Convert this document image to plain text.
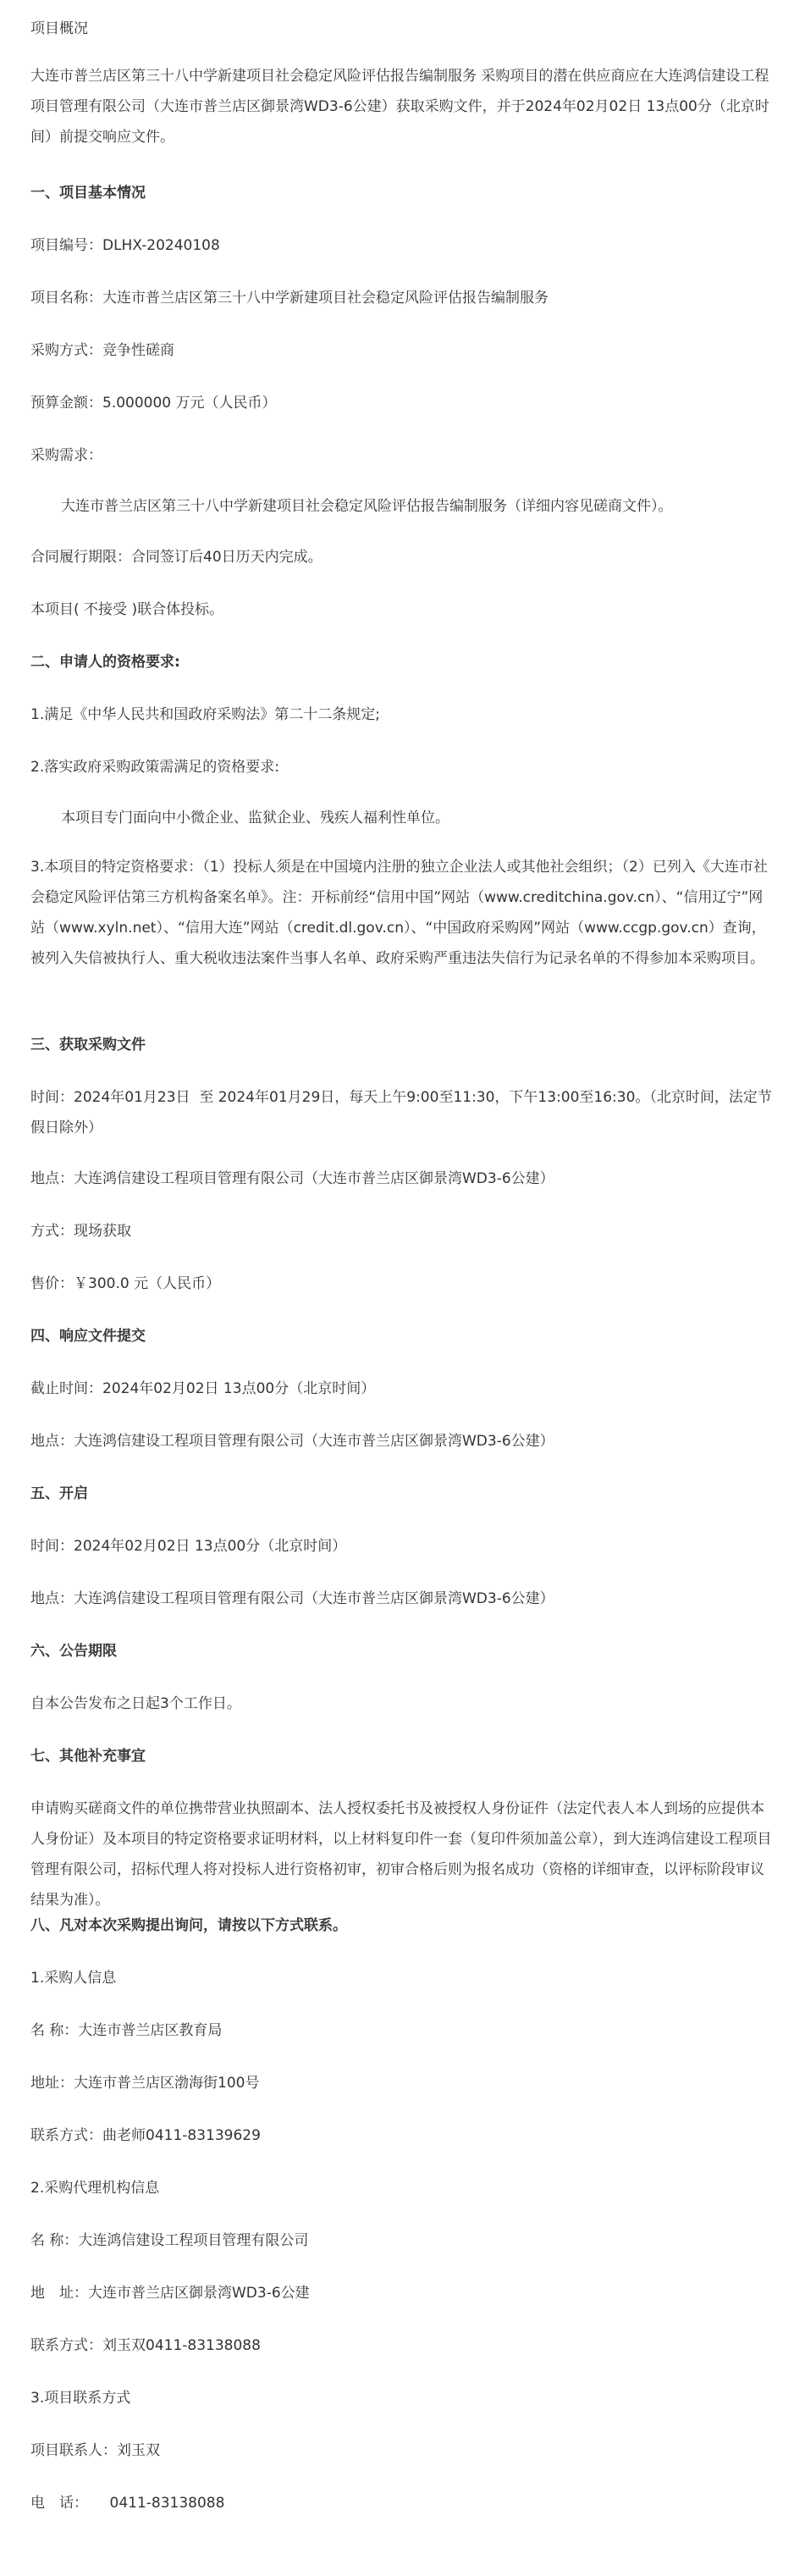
项目概况

大连市普兰店区第三十八中学新建项目社会稳定风险评估报告编制服务 采购项目的潜在供应商应在大连鸿信建设工程项目管理有限公司（大连市普兰店区御景湾WD3-6公建）获取采购文件，并于2024年02月02日 13点00分（北京时间）前提交响应文件。

一、项目基本情况

项目编号：DLHX-20240108

项目名称：大连市普兰店区第三十八中学新建项目社会稳定风险评估报告编制服务

采购方式：竞争性磋商

预算金额：5.000000 万元（人民币）

采购需求：

大连市普兰店区第三十八中学新建项目社会稳定风险评估报告编制服务（详细内容见磋商文件）。

合同履行期限：合同签订后40日历天内完成。

本项目( 不接受 )联合体投标。

二、申请人的资格要求:

1.满足《中华人民共和国政府采购法》第二十二条规定;

2.落实政府采购政策需满足的资格要求:

本项目专门面向中小微企业、监狱企业、残疾人福利性单位。

3.本项目的特定资格要求：（1）投标人须是在中国境内注册的独立企业法人或其他社会组织；（2）已列入《大连市社会稳定风险评估第三方机构备案名单》。注：开标前经“信用中国”网站（www.creditchina.gov.cn）、“信用辽宁”网站（www.xyln.net）、“信用大连”网站（credit.dl.gov.cn）、“中国政府采购网”网站（www.ccgp.gov.cn）查询，被列入失信被执行人、重大税收违法案件当事人名单、政府采购严重违法失信行为记录名单的不得参加本采购项目。

三、获取采购文件

时间：2024年01月23日  至 2024年01月29日，每天上午9:00至11:30，下午13:00至16:30。（北京时间，法定节假日除外）

地点：大连鸿信建设工程项目管理有限公司（大连市普兰店区御景湾WD3-6公建）

方式：现场获取

售价：￥300.0 元（人民币）

四、响应文件提交

截止时间：2024年02月02日 13点00分（北京时间）

地点：大连鸿信建设工程项目管理有限公司（大连市普兰店区御景湾WD3-6公建）

五、开启

时间：2024年02月02日 13点00分（北京时间）

地点：大连鸿信建设工程项目管理有限公司（大连市普兰店区御景湾WD3-6公建）

六、公告期限

自本公告发布之日起3个工作日。

七、其他补充事宜

申请购买磋商文件的单位携带营业执照副本、法人授权委托书及被授权人身份证件（法定代表人本人到场的应提供本人身份证）及本项目的特定资格要求证明材料，以上材料复印件一套（复印件须加盖公章），到大连鸿信建设工程项目管理有限公司，招标代理人将对投标人进行资格初审，初审合格后则为报名成功（资格的详细审查，以评标阶段审议结果为准）。

八、凡对本次采购提出询问，请按以下方式联系。

1.采购人信息

名 称：大连市普兰店区教育局

地址：大连市普兰店区渤海街100号

联系方式：曲老师0411-83139629

2.采购代理机构信息

名 称：大连鸿信建设工程项目管理有限公司

地　址：大连市普兰店区御景湾WD3-6公建

联系方式：刘玉双0411-83138088

3.项目联系方式

项目联系人：刘玉双

电　话：　　0411-83138088
